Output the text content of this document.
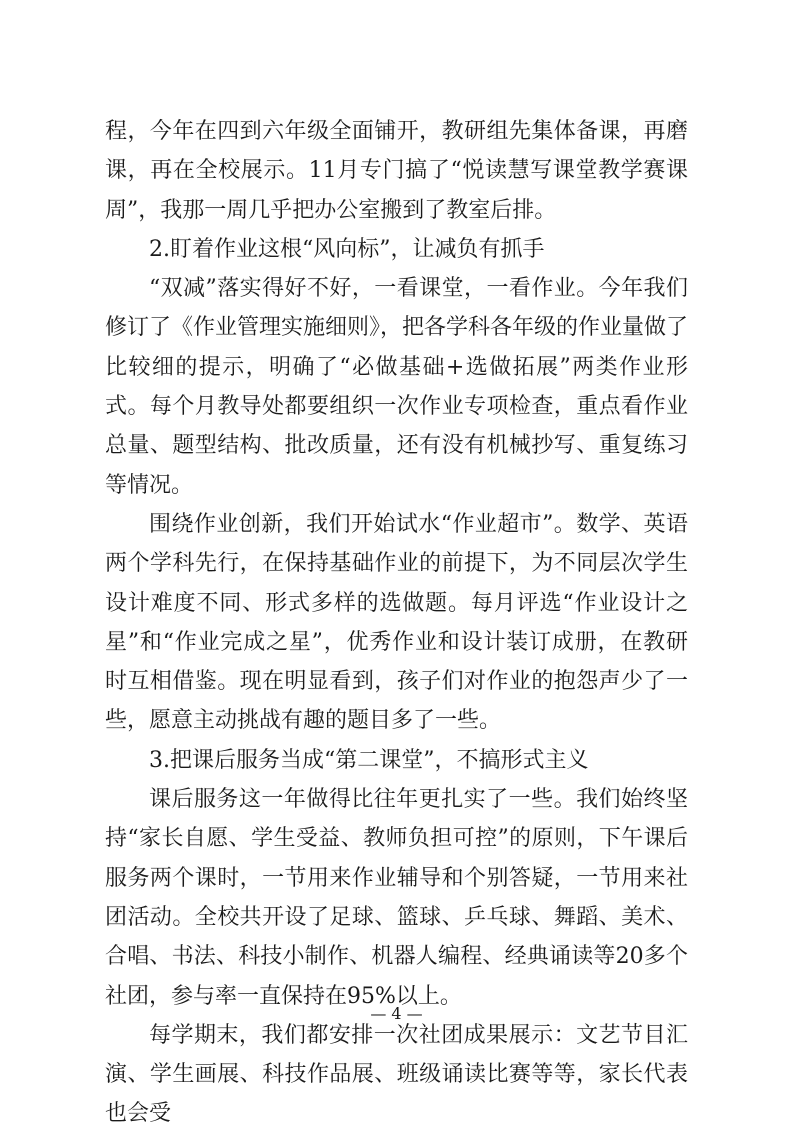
程，今年在四到六年级全面铺开，教研组先集体备课，再磨课，再在全校展示。11月专门搞了“悦读慧写课堂教学赛课周”，我那一周几乎把办公室搬到了教室后排。

2.盯着作业这根“风向标”，让减负有抓手

“双减”落实得好不好，一看课堂，一看作业。今年我们修订了《作业管理实施细则》，把各学科各年级的作业量做了比较细的提示，明确了“必做基础+选做拓展”两类作业形式。每个月教导处都要组织一次作业专项检查，重点看作业总量、题型结构、批改质量，还有没有机械抄写、重复练习等情况。

围绕作业创新，我们开始试水“作业超市”。数学、英语两个学科先行，在保持基础作业的前提下，为不同层次学生设计难度不同、形式多样的选做题。每月评选“作业设计之星”和“作业完成之星”，优秀作业和设计装订成册，在教研时互相借鉴。现在明显看到，孩子们对作业的抱怨声少了一些，愿意主动挑战有趣的题目多了一些。

3.把课后服务当成“第二课堂”，不搞形式主义

课后服务这一年做得比往年更扎实了一些。我们始终坚持“家长自愿、学生受益、教师负担可控”的原则，下午课后服务两个课时，一节用来作业辅导和个别答疑，一节用来社团活动。全校共开设了足球、篮球、乒乓球、舞蹈、美术、合唱、书法、科技小制作、机器人编程、经典诵读等20多个社团，参与率一直保持在95%以上。

每学期末，我们都安排一次社团成果展示：文艺节目汇演、学生画展、科技作品展、班级诵读比赛等等，家长代表也会受

— 4 —
